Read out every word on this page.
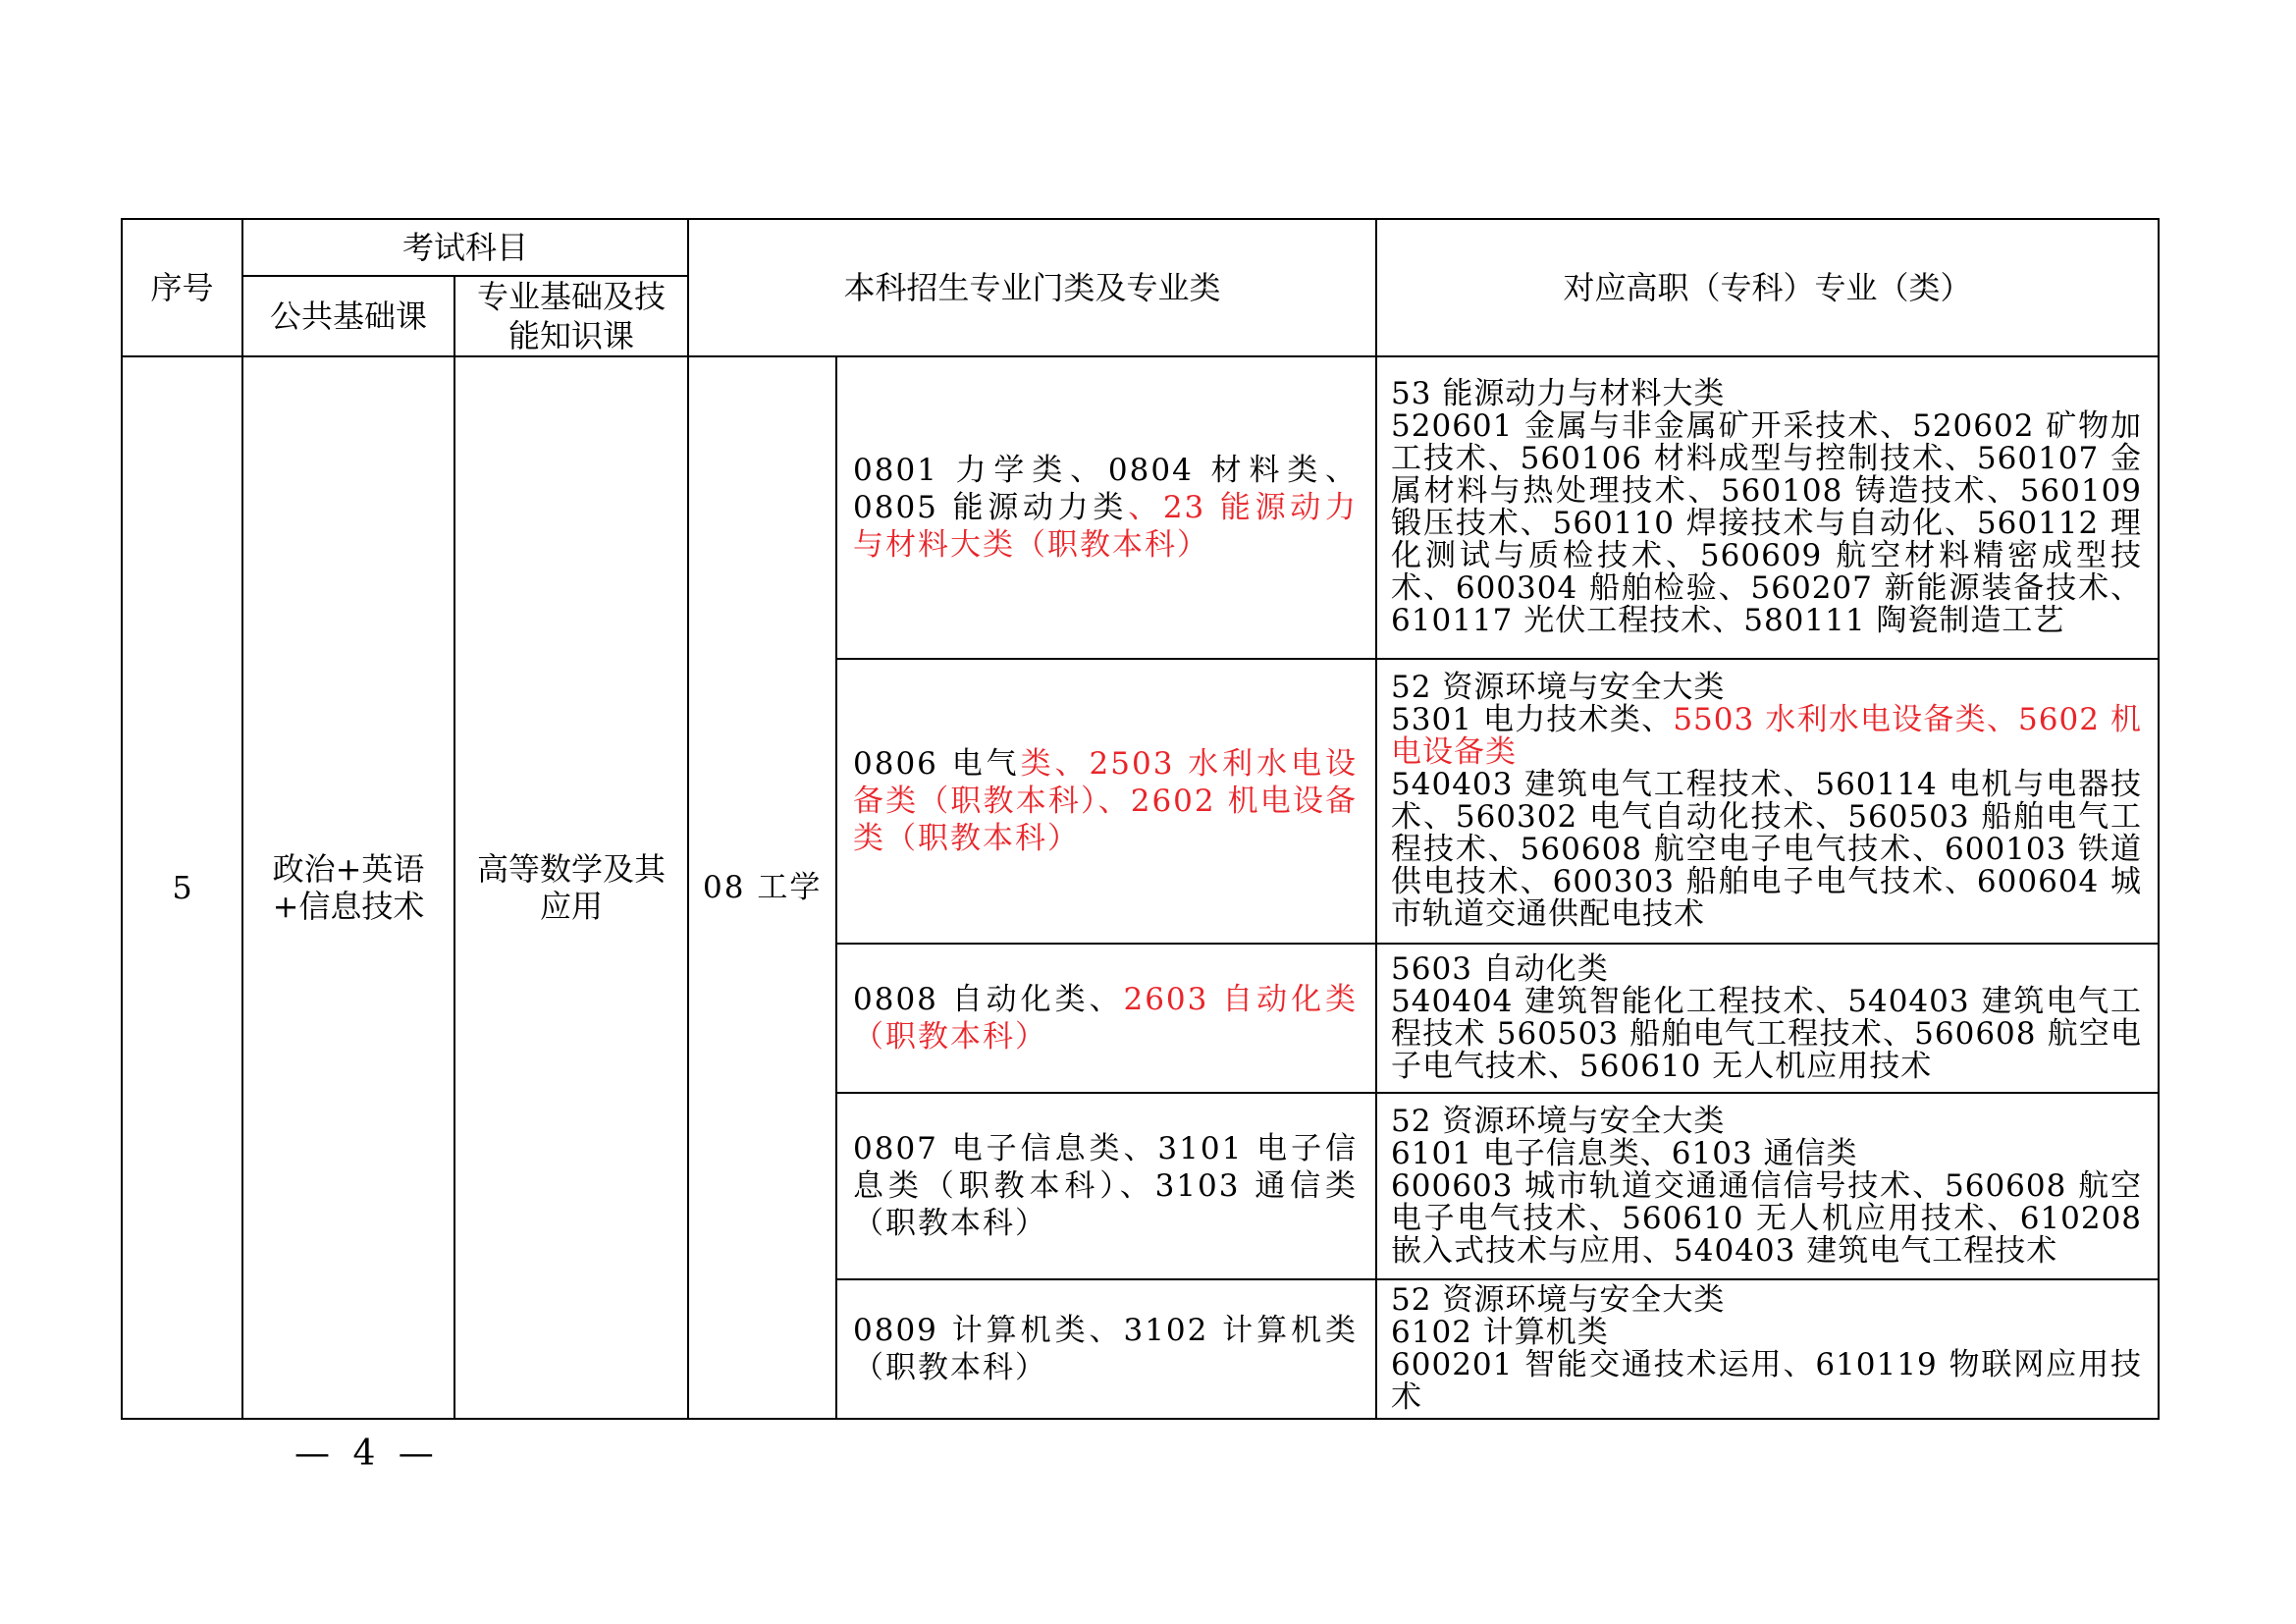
序号	考试科目		本科招生专业门类及专业类		对应高职（专科）专业（类）
	公共基础课	专业基础及技能知识课			
5	政治+英语+信息技术	高等数学及其应用	08 工学	0801 力学类、0804 材料类、0805 能源动力类、23 能源动力与材料大类（职教本科）	53 能源动力与材料大类
520601 金属与非金属矿开采技术、520602 矿物加工技术、560106 材料成型与控制技术、560107 金属材料与热处理技术、560108 铸造技术、560109 锻压技术、560110 焊接技术与自动化、560112 理化测试与质检技术、560609 航空材料精密成型技术、600304 船舶检验、560207 新能源装备技术、610117 光伏工程技术、580111 陶瓷制造工艺
				0806 电气类、2503 水利水电设备类（职教本科）、2602 机电设备类（职教本科）	52 资源环境与安全大类
5301 电力技术类、5503 水利水电设备类、5602 机电设备类
540403 建筑电气工程技术、560114 电机与电器技术、560302 电气自动化技术、560503 船舶电气工程技术、560608 航空电子电气技术、600103 铁道供电技术、600303 船舶电子电气技术、600604 城市轨道交通供配电技术
				0808 自动化类、2603 自动化类（职教本科）	5603 自动化类
540404 建筑智能化工程技术、540403 建筑电气工程技术 560503 船舶电气工程技术、560608 航空电子电气技术、560610 无人机应用技术
				0807 电子信息类、3101 电子信息类（职教本科）、3103 通信类（职教本科）	52 资源环境与安全大类
6101 电子信息类、6103 通信类
600603 城市轨道交通通信信号技术、560608 航空电子电气技术、560610 无人机应用技术、610208 嵌入式技术与应用、540403 建筑电气工程技术
				0809 计算机类、3102 计算机类（职教本科）	52 资源环境与安全大类
6102 计算机类
600201 智能交通技术运用、610119 物联网应用技术
— 4 —
